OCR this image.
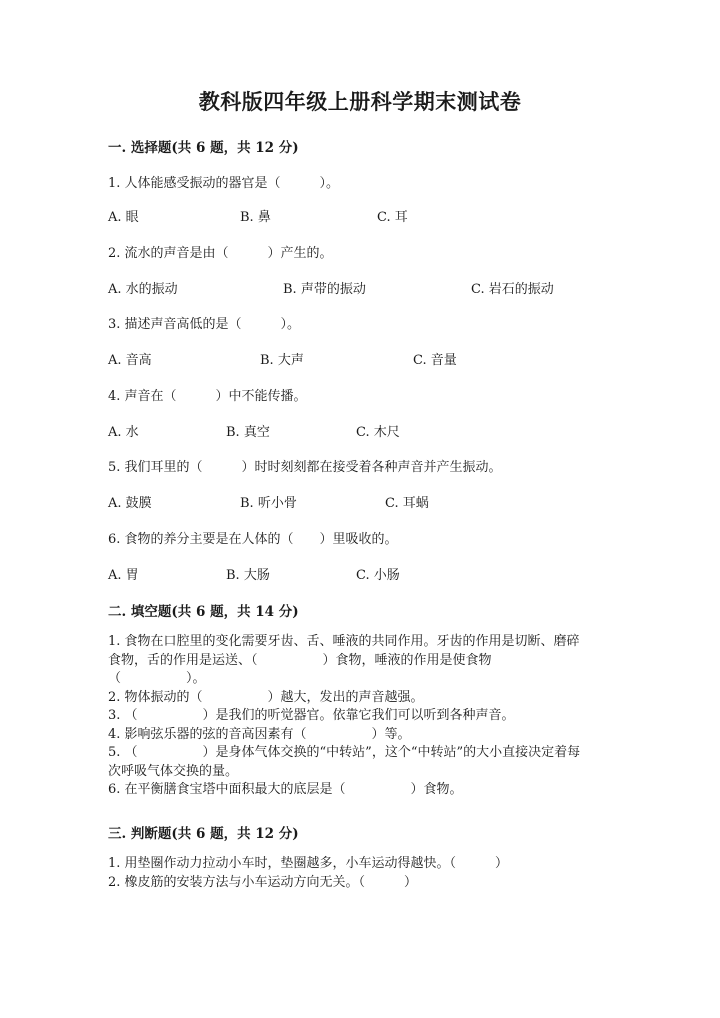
教科版四年级上册科学期末测试卷
一. 选择题(共 6 题，共 12 分)
1. 人体能感受振动的器官是（　　　）。
A. 眼	B. 鼻	C. 耳
2. 流水的声音是由（　　　）产生的。
A. 水的振动	B. 声带的振动	C. 岩石的振动
3. 描述声音高低的是（　　　）。
A. 音高	B. 大声	C. 音量
4. 声音在（　　　）中不能传播。
A. 水	B. 真空	C. 木尺
5. 我们耳里的（　　　）时时刻刻都在接受着各种声音并产生振动。
A. 鼓膜	B. 听小骨	C. 耳蜗
6. 食物的养分主要是在人体的（　　）里吸收的。
A. 胃	B. 大肠	C. 小肠
二. 填空题(共 6 题，共 14 分)

1. 食物在口腔里的变化需要牙齿、舌、唾液的共同作用。牙齿的作用是切断、磨碎食物，舌的作用是运送、（　　　　　）食物，唾液的作用是使食物（　　　　　）。

2. 物体振动的（　　　　　）越大，发出的声音越强。

3. （　　　　　）是我们的听觉器官。依靠它我们可以听到各种声音。

4. 影响弦乐器的弦的音高因素有（　　　　　）等。

5. （　　　　　）是身体气体交换的“中转站”，这个“中转站”的大小直接决定着每次呼吸气体交换的量。

6. 在平衡膳食宝塔中面积最大的底层是（　　　　　）食物。

三. 判断题(共 6 题，共 12 分)

1. 用垫圈作动力拉动小车时，垫圈越多，小车运动得越快。（　　　）

2. 橡皮筋的安装方法与小车运动方向无关。（　　　）
